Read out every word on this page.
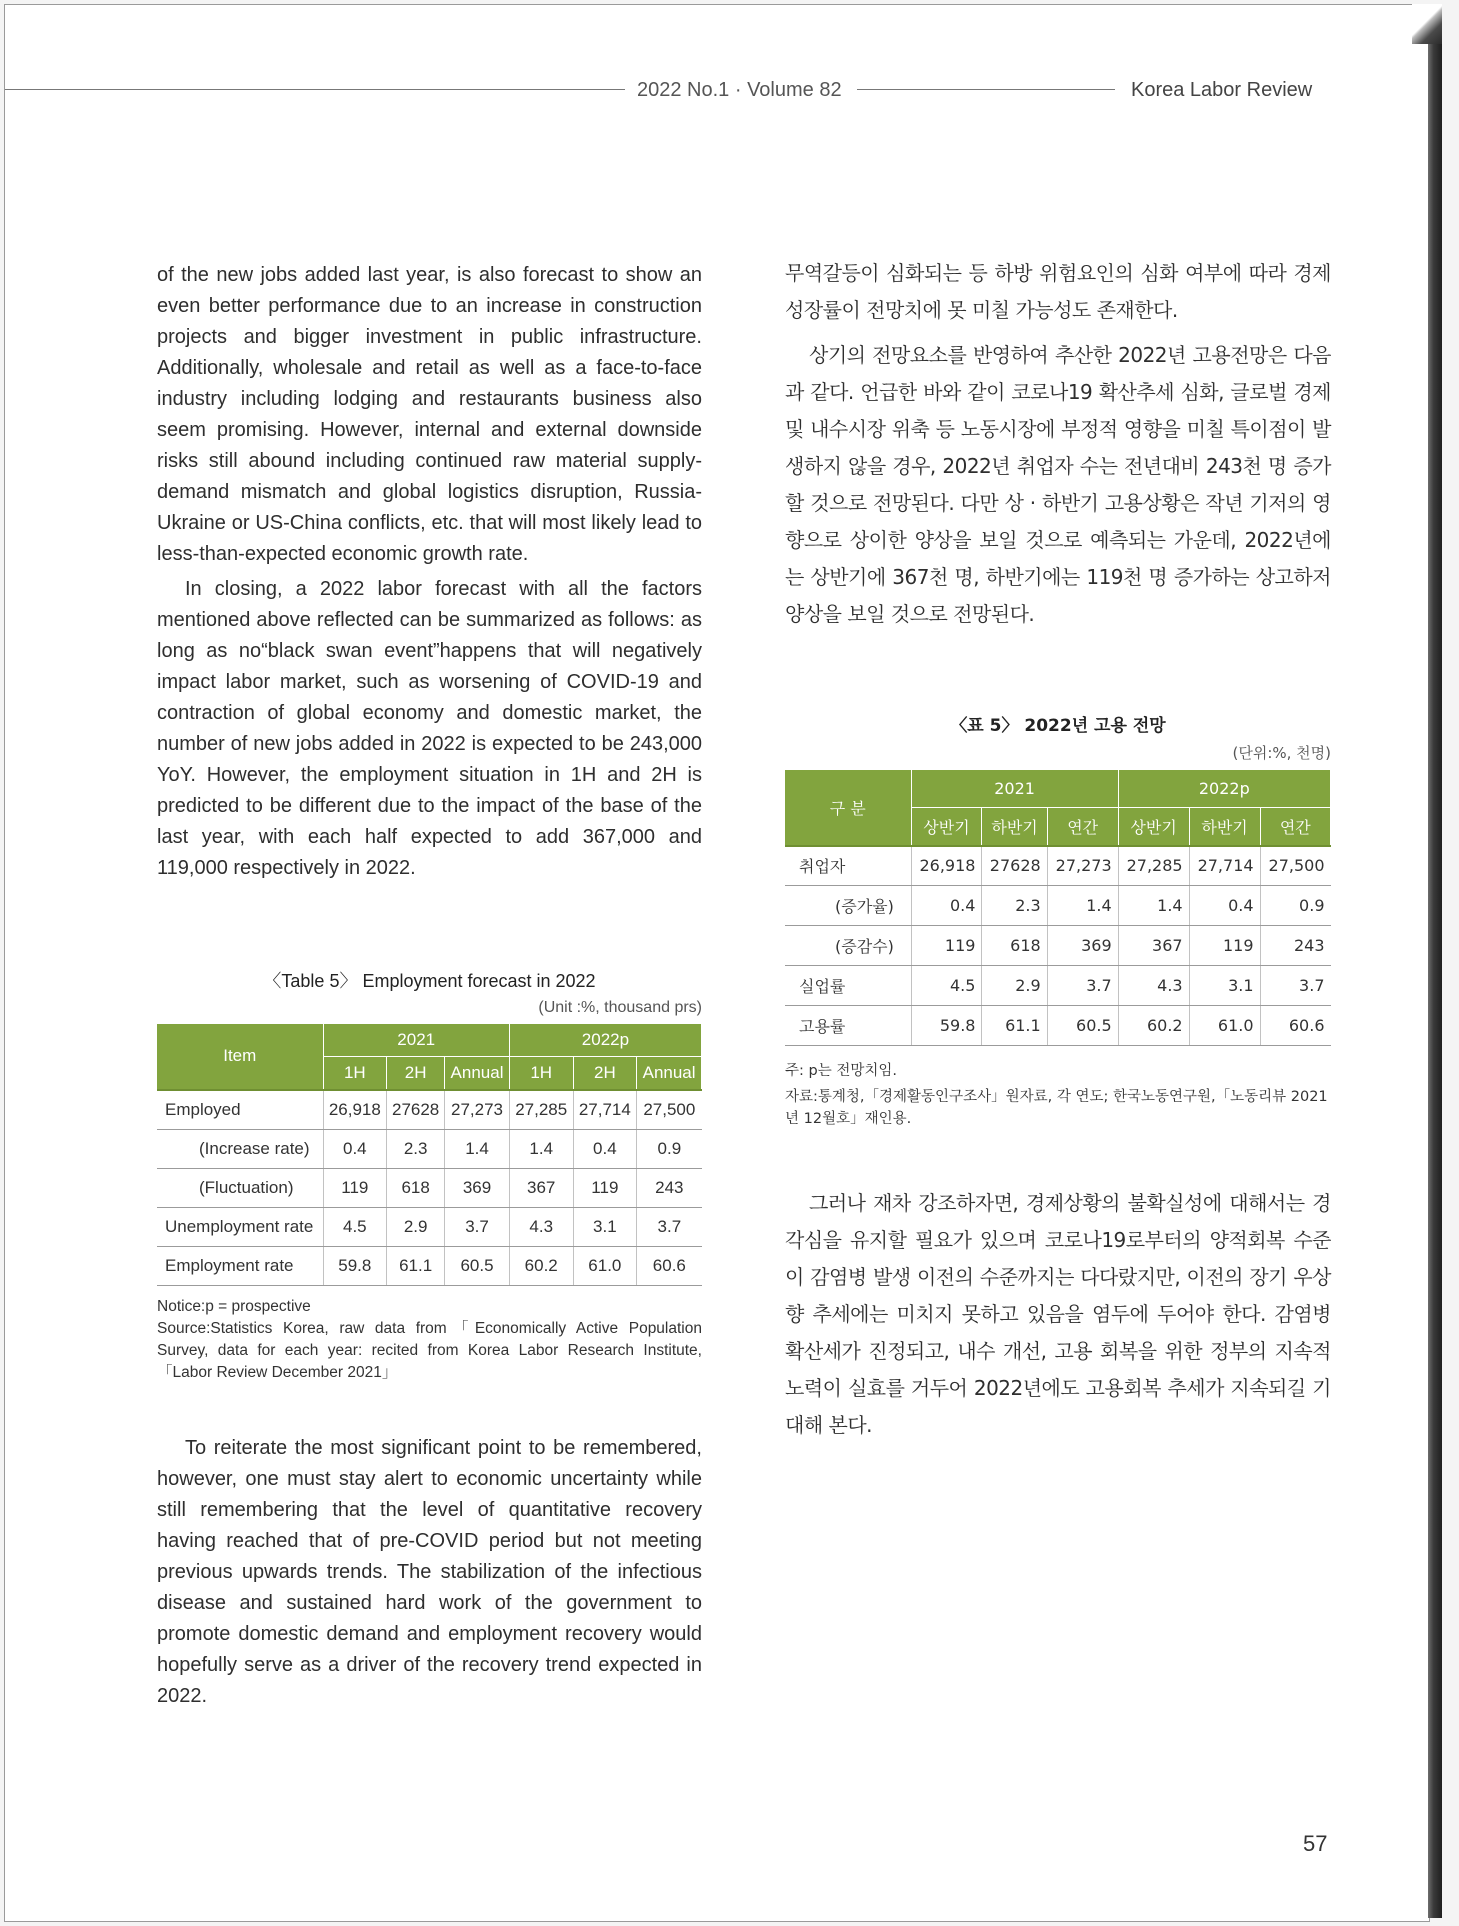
2022 No.1 · Volume 82	Korea Labor Review

of the new jobs added last year, is also forecast to show an even better performance due to an increase in construction projects and bigger investment in public infrastructure. Additionally, wholesale and retail as well as a face-to-face industry including lodging and restaurants business also seem promising. However, internal and external downside risks still abound including continued raw material supply-demand mismatch and global logistics disruption, Russia-Ukraine or US-China conflicts, etc. that will most likely lead to less-than-expected economic growth rate.

In closing, a 2022 labor forecast with all the factors mentioned above reflected can be summarized as follows: as long as no“black swan event”happens that will negatively impact labor market, such as worsening of COVID-19 and contraction of global economy and domestic market, the number of new jobs added in 2022 is expected to be 243,000 YoY. However, the employment situation in 1H and 2H is predicted to be different due to the impact of the base of the last year, with each half expected to add 367,000 and 119,000 respectively in 2022.

〈Table 5〉 Employment forecast in 2022
(Unit :%, thousand prs)
Item	2021			2022p		
	1H	2H	Annual	1H	2H	Annual
Employed	26,918	27628	27,273	27,285	27,714	27,500
(Increase rate)	0.4	2.3	1.4	1.4	0.4	0.9
(Fluctuation)	119	618	369	367	119	243
Unemployment rate	4.5	2.9	3.7	4.3	3.1	3.7
Employment rate	59.8	61.1	60.5	60.2	61.0	60.6
Notice:p = prospective
Source:Statistics Korea, raw data from「Economically Active Population Survey, data for each year: recited from Korea Labor Research Institute,「Labor Review December 2021」

To reiterate the most significant point to be remembered, however, one must stay alert to economic uncertainty while still remembering that the level of quantitative recovery having reached that of pre-COVID period but not meeting previous upwards trends. The stabilization of the infectious disease and sustained hard work of the government to promote domestic demand and employment recovery would hopefully serve as a driver of the recovery trend expected in 2022.

무역갈등이 심화되는 등 하방 위험요인의 심화 여부에 따라 경제 성장률이 전망치에 못 미칠 가능성도 존재한다.

상기의 전망요소를 반영하여 추산한 2022년 고용전망은 다음과 같다. 언급한 바와 같이 코로나19 확산추세 심화, 글로벌 경제 및 내수시장 위축 등 노동시장에 부정적 영향을 미칠 특이점이 발생하지 않을 경우, 2022년 취업자 수는 전년대비 243천 명 증가할 것으로 전망된다. 다만 상 · 하반기 고용상황은 작년 기저의 영향으로 상이한 양상을 보일 것으로 예측되는 가운데, 2022년에는 상반기에 367천 명, 하반기에는 119천 명 증가하는 상고하저 양상을 보일 것으로 전망된다.

〈표 5〉 2022년 고용 전망
(단위:%, 천명)
구 분	2021			2022p		
	상반기	하반기	연간	상반기	하반기	연간
취업자	26,918	27628	27,273	27,285	27,714	27,500
(증가율)	0.4	2.3	1.4	1.4	0.4	0.9
(증감수)	119	618	369	367	119	243
실업률	4.5	2.9	3.7	4.3	3.1	3.7
고용률	59.8	61.1	60.5	60.2	61.0	60.6
주: p는 전망치임.
자료:통계청,「경제활동인구조사」원자료, 각 연도; 한국노동연구원,「노동리뷰 2021년 12월호」재인용.

그러나 재차 강조하자면, 경제상황의 불확실성에 대해서는 경각심을 유지할 필요가 있으며 코로나19로부터의 양적회복 수준이 감염병 발생 이전의 수준까지는 다다랐지만, 이전의 장기 우상향 추세에는 미치지 못하고 있음을 염두에 두어야 한다. 감염병 확산세가 진정되고, 내수 개선, 고용 회복을 위한 정부의 지속적 노력이 실효를 거두어 2022년에도 고용회복 추세가 지속되길 기대해 본다.

57
